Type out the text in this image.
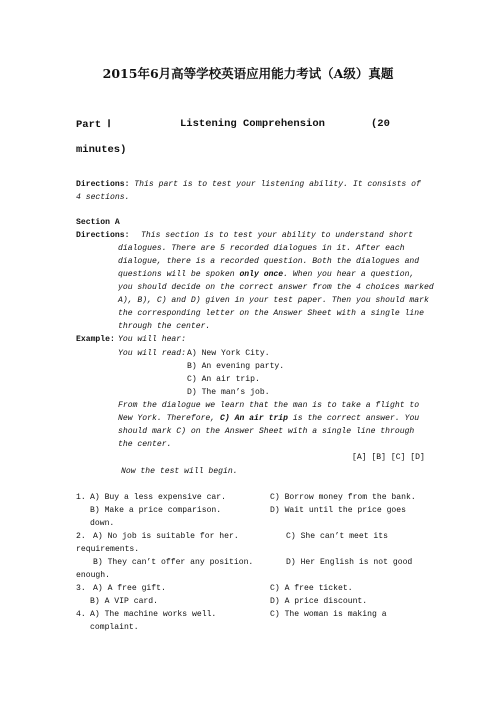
2015年6月高等学校英语应用能力考试（A级）真题
Part Ⅰ	Listening Comprehension	(20
minutes)
Directions: This part is to test your listening ability. It consists of
4 sections.
Section A
Directions: This section is to test your ability to understand short
dialogues. There are 5 recorded dialogues in it. After each
dialogue, there is a recorded question. Both the dialogues and
questions will be spoken only once. When you hear a question,
you should decide on the correct answer from the 4 choices marked
A), B), C) and D) given in your test paper. Then you should mark
the corresponding letter on the Answer Sheet with a single line
through the center.
Example: You will hear:
You will read: A) New York City.
B) An evening party.
C) An air trip.
D) The man’s job.
From the dialogue we learn that the man is to take a flight to
New York. Therefore, C) An air trip is the correct answer. You
should mark C) on the Answer Sheet with a single line through
the center.
[A] [B] [C] [D]
Now the test will begin.
1. A) Buy a less expensive car.	C) Borrow money from the bank.
B) Make a price comparison.	D) Wait until the price goes
down.
2. A) No job is suitable for her.	C) She can’t meet its
requirements.
B) They can’t offer any position.	D) Her English is not good
enough.
3. A) A free gift.	C) A free ticket.
B) A VIP card.	D) A price discount.
4. A) The machine works well.	C) The woman is making a
complaint.
